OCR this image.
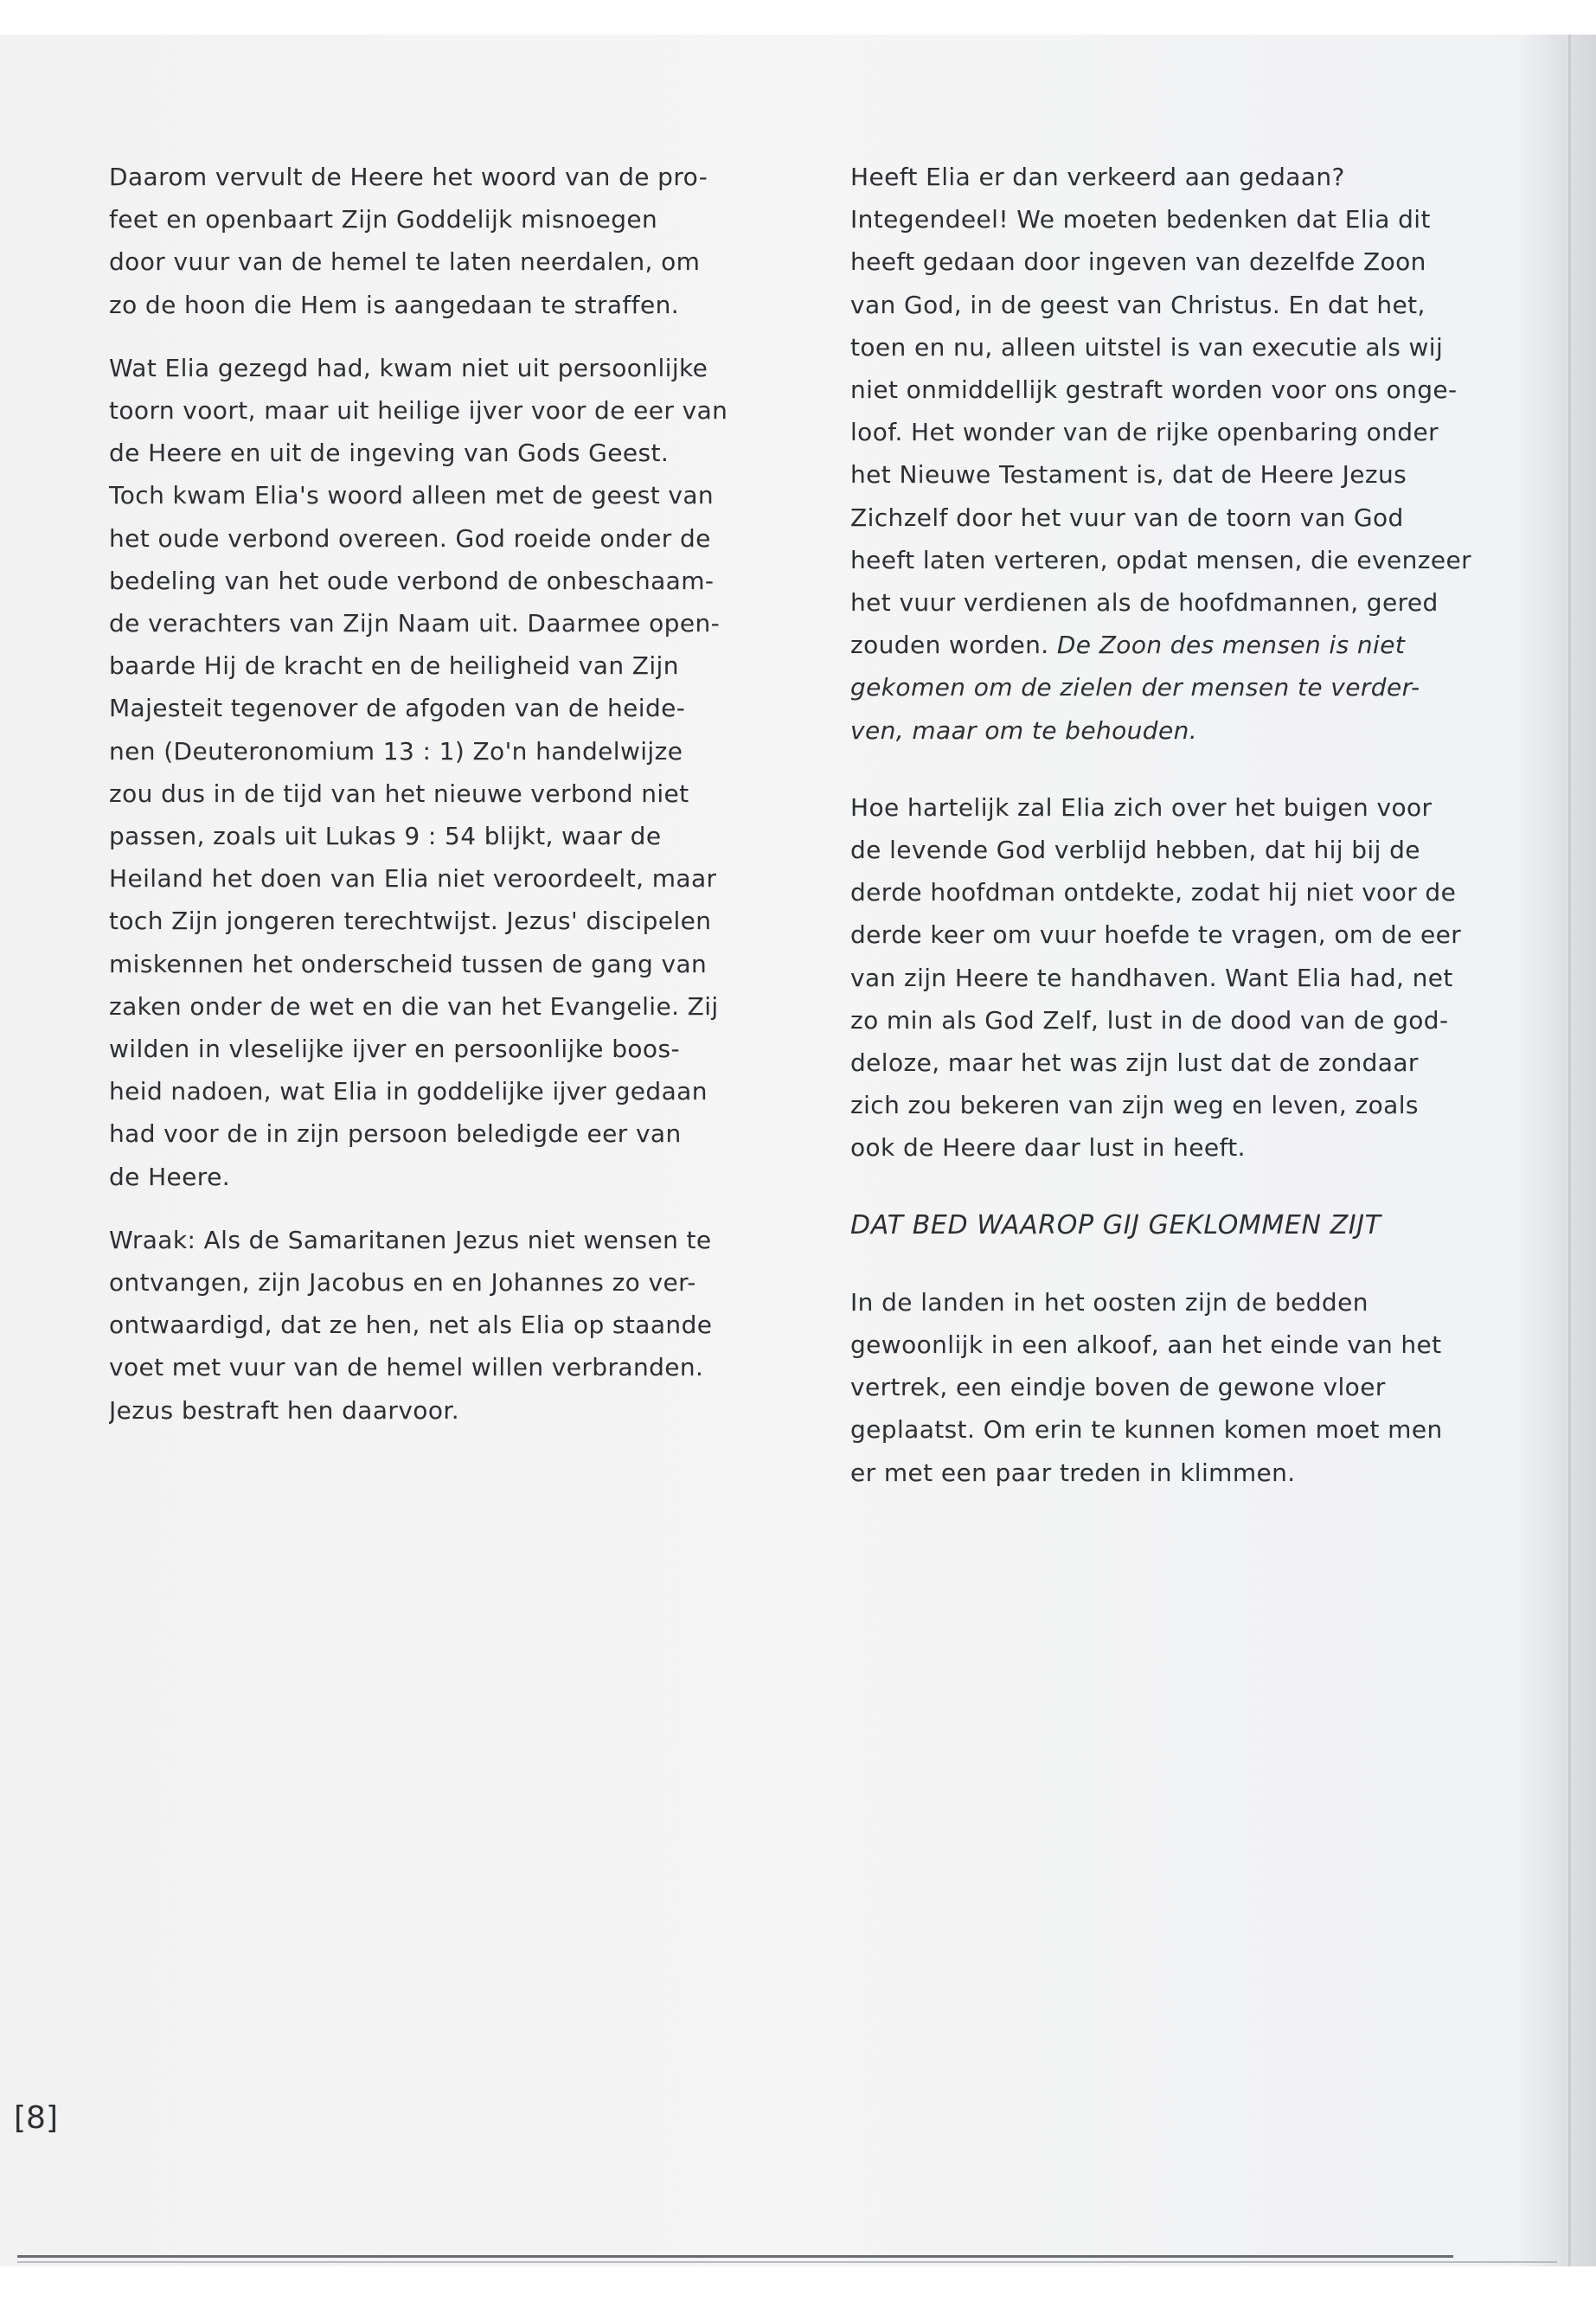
Daarom vervult de Heere het woord van de pro-
feet en openbaart Zijn Goddelijk misnoegen
door vuur van de hemel te laten neerdalen, om
zo de hoon die Hem is aangedaan te straffen.
Wat Elia gezegd had, kwam niet uit persoonlijke
toorn voort, maar uit heilige ijver voor de eer van
de Heere en uit de ingeving van Gods Geest.
Toch kwam Elia's woord alleen met de geest van
het oude verbond overeen. God roeide onder de
bedeling van het oude verbond de onbeschaam-
de verachters van Zijn Naam uit. Daarmee open-
baarde Hij de kracht en de heiligheid van Zijn
Majesteit tegenover de afgoden van de heide-
nen (Deuteronomium 13 : 1) Zo'n handelwijze
zou dus in de tijd van het nieuwe verbond niet
passen, zoals uit Lukas 9 : 54 blijkt, waar de
Heiland het doen van Elia niet veroordeelt, maar
toch Zijn jongeren terechtwijst. Jezus' discipelen
miskennen het onderscheid tussen de gang van
zaken onder de wet en die van het Evangelie. Zij
wilden in vleselijke ijver en persoonlijke boos-
heid nadoen, wat Elia in goddelijke ijver gedaan
had voor de in zijn persoon beledigde eer van
de Heere.
Wraak: Als de Samaritanen Jezus niet wensen te
ontvangen, zijn Jacobus en en Johannes zo ver-
ontwaardigd, dat ze hen, net als Elia op staande
voet met vuur van de hemel willen verbranden.
Jezus bestraft hen daarvoor.
Heeft Elia er dan verkeerd aan gedaan?
Integendeel! We moeten bedenken dat Elia dit
heeft gedaan door ingeven van dezelfde Zoon
van God, in de geest van Christus. En dat het,
toen en nu, alleen uitstel is van executie als wij
niet onmiddellijk gestraft worden voor ons onge-
loof. Het wonder van de rijke openbaring onder
het Nieuwe Testament is, dat de Heere Jezus
Zichzelf door het vuur van de toorn van God
heeft laten verteren, opdat mensen, die evenzeer
het vuur verdienen als de hoofdmannen, gered
zouden worden. De Zoon des mensen is niet
gekomen om de zielen der mensen te verder-
ven, maar om te behouden.
Hoe hartelijk zal Elia zich over het buigen voor
de levende God verblijd hebben, dat hij bij de
derde hoofdman ontdekte, zodat hij niet voor de
derde keer om vuur hoefde te vragen, om de eer
van zijn Heere te handhaven. Want Elia had, net
zo min als God Zelf, lust in de dood van de god-
deloze, maar het was zijn lust dat de zondaar
zich zou bekeren van zijn weg en leven, zoals
ook de Heere daar lust in heeft.
DAT BED WAAROP GIJ GEKLOMMEN ZIJT
In de landen in het oosten zijn de bedden
gewoonlijk in een alkoof, aan het einde van het
vertrek, een eindje boven de gewone vloer
geplaatst. Om erin te kunnen komen moet men
er met een paar treden in klimmen.
[8]
